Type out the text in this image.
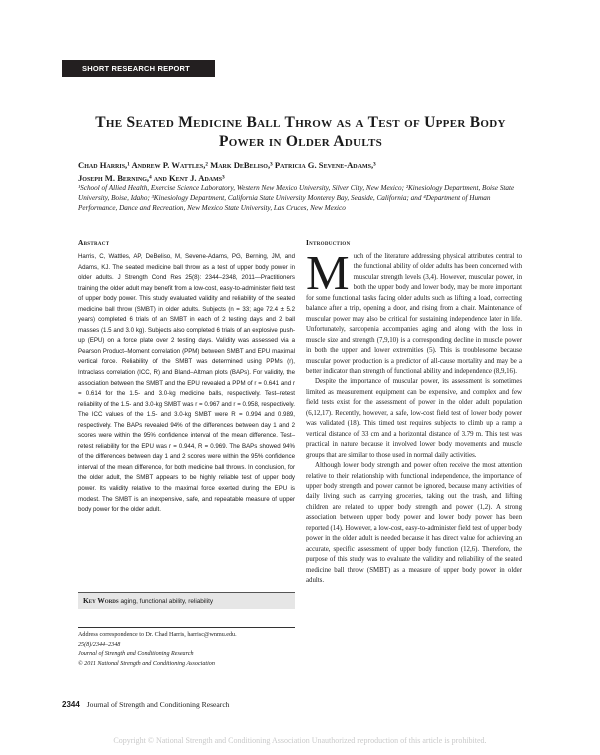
SHORT RESEARCH REPORT
The Seated Medicine Ball Throw as a Test of Upper Body Power in Older Adults
Chad Harris,¹ Andrew P. Wattles,² Mark DeBeliso,³ Patricia G. Sevene-Adams,³
Joseph M. Berning,⁴ and Kent J. Adams³
¹School of Allied Health, Exercise Science Laboratory, Western New Mexico University, Silver City, New Mexico; ²Kinesiology Department, Boise State University, Boise, Idaho; ³Kinesiology Department, California State University Monterey Bay, Seaside, California; and ⁴Department of Human Performance, Dance and Recreation, New Mexico State University, Las Cruces, New Mexico
Abstract
Harris, C, Wattles, AP, DeBeliso, M, Sevene-Adams, PG, Berning, JM, and Adams, KJ. The seated medicine ball throw as a test of upper body power in older adults. J Strength Cond Res 25(8): 2344–2348, 2011—Practitioners training the older adult may benefit from a low-cost, easy-to-administer field test of upper body power. This study evaluated validity and reliability of the seated medicine ball throw (SMBT) in older adults. Subjects (n = 33; age 72.4 ± 5.2 years) completed 6 trials of an SMBT in each of 2 testing days and 2 ball masses (1.5 and 3.0 kg). Subjects also completed 6 trials of an explosive push-up (EPU) on a force plate over 2 testing days. Validity was assessed via a Pearson Product–Moment correlation (PPM) between SMBT and EPU maximal vertical force. Reliability of the SMBT was determined using PPMs (r), Intraclass correlation (ICC, R) and Bland–Altman plots (BAPs). For validity, the association between the SMBT and the EPU revealed a PPM of r = 0.641 and r = 0.614 for the 1.5- and 3.0-kg medicine balls, respectively. Test–retest reliability of the 1.5- and 3.0-kg SMBT was r = 0.967 and r = 0.958, respectively. The ICC values of the 1.5- and 3.0-kg SMBT were R = 0.994 and 0.989, respectively. The BAPs revealed 94% of the differences between day 1 and 2 scores were within the 95% confidence interval of the mean difference. Test–retest reliability for the EPU was r = 0.944, R = 0.969. The BAPs showed 94% of the differences between day 1 and 2 scores were within the 95% confidence interval of the mean difference, for both medicine ball throws. In conclusion, for the older adult, the SMBT appears to be highly reliable test of upper body power. Its validity relative to the maximal force exerted during the EPU is modest. The SMBT is an inexpensive, safe, and repeatable measure of upper body power for the older adult.
Key Words aging, functional ability, reliability
Address correspondence to Dr. Chad Harris, harrisc@wnmu.edu.
25(8)/2344–2348
Journal of Strength and Conditioning Research
© 2011 National Strength and Conditioning Association
2344 Journal of Strength and Conditioning Research
Introduction

Much of the literature addressing physical attributes central to the functional ability of older adults has been concerned with muscular strength levels (3,4). However, muscular power, in both the upper body and lower body, may be more important for some functional tasks facing older adults such as lifting a load, correcting balance after a trip, opening a door, and rising from a chair. Maintenance of muscular power may also be critical for sustaining independence later in life. Unfortunately, sarcopenia accompanies aging and along with the loss in muscle size and strength (7,9,10) is a corresponding decline in muscle power in both the upper and lower extremities (5). This is troublesome because muscular power production is a predictor of all-cause mortality and may be a better indicator than strength of functional ability and independence (8,9,16).

Despite the importance of muscular power, its assessment is sometimes limited as measurement equipment can be expensive, and complex and few field tests exist for the assessment of power in the older adult population (6,12,17). Recently, however, a safe, low-cost field test of lower body power was validated (18). This timed test requires subjects to climb up a ramp a vertical distance of 33 cm and a horizontal distance of 3.79 m. This test was practical in nature because it involved lower body movements and muscle groups that are similar to those used in normal daily activities.

Although lower body strength and power often receive the most attention relative to their relationship with functional independence, the importance of upper body strength and power cannot be ignored, because many activities of daily living such as carrying groceries, taking out the trash, and lifting children are related to upper body strength and power (1,2). A strong association between upper body power and lower body power has been reported (14). However, a low-cost, easy-to-administer field test of upper body power in the older adult is needed because it has direct value for achieving an accurate, specific assessment of upper body function (12,6). Therefore, the purpose of this study was to evaluate the validity and reliability of the seated medicine ball throw (SMBT) as a measure of upper body power in older adults.

Copyright © National Strength and Conditioning Association Unauthorized reproduction of this article is prohibited.
